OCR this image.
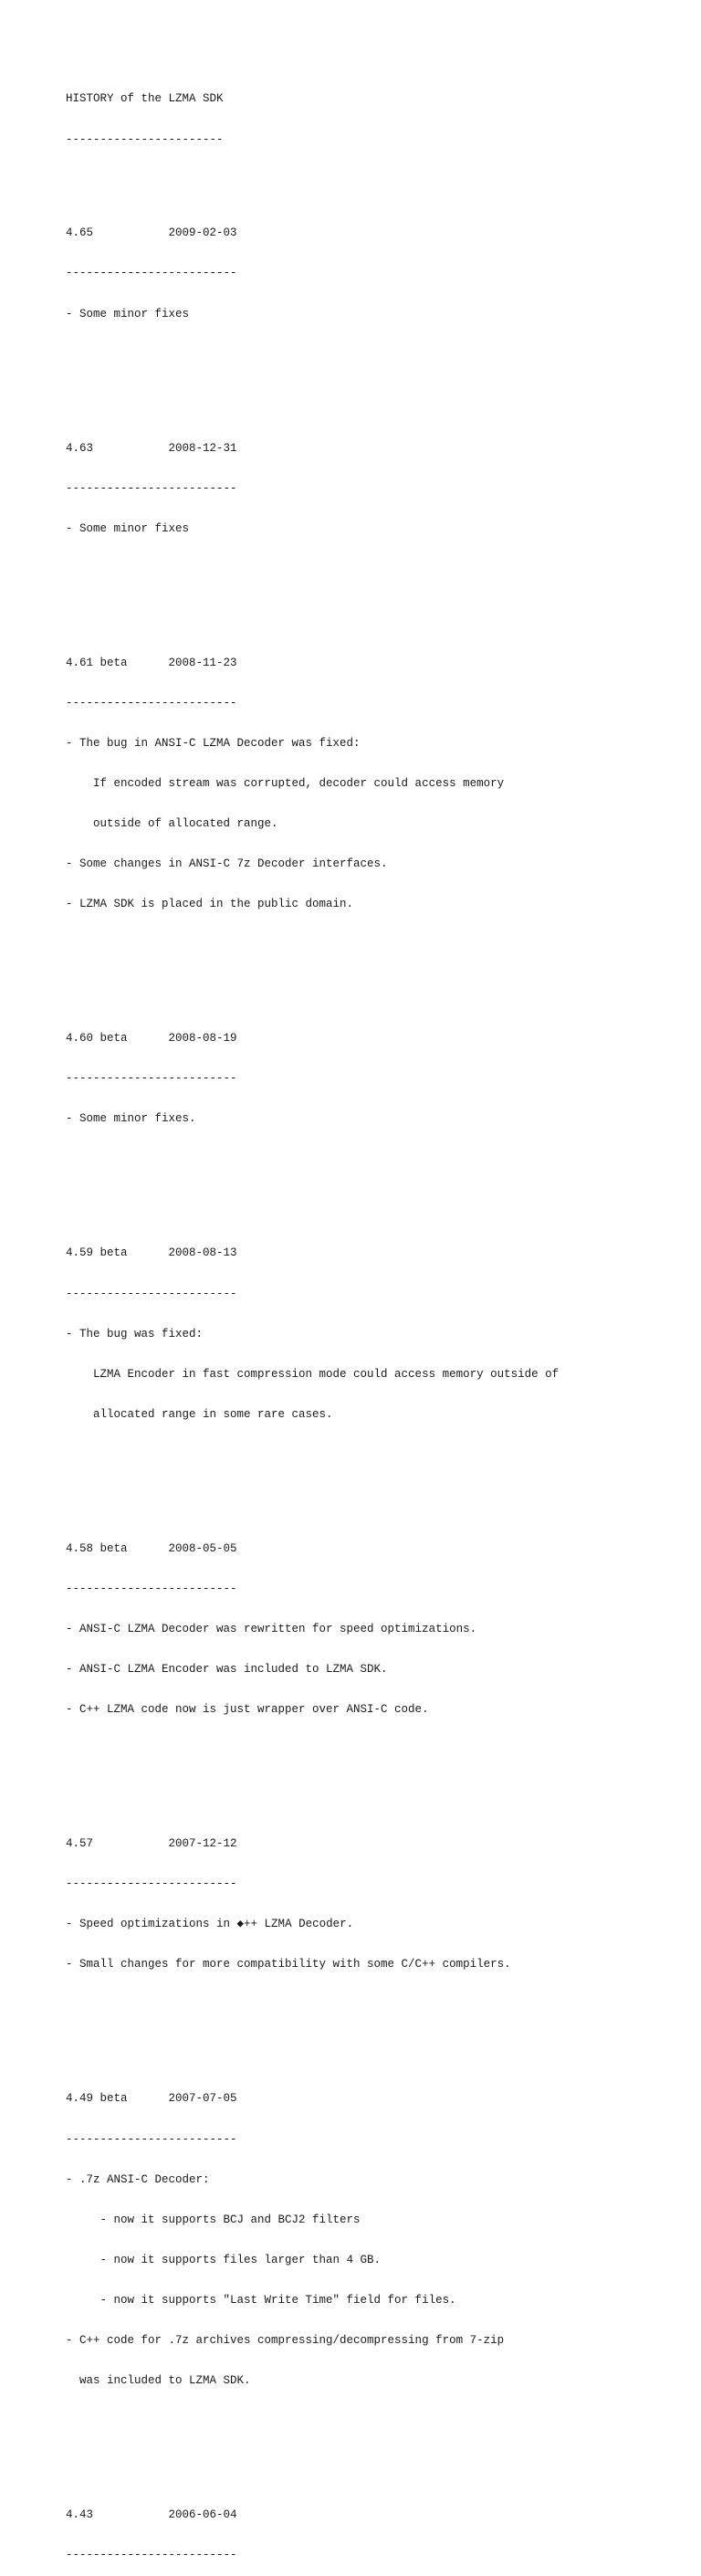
HISTORY of the LZMA SDK

-----------------------

4.65           2009-02-03

-------------------------

- Some minor fixes

4.63           2008-12-31

-------------------------

- Some minor fixes

4.61 beta      2008-11-23

-------------------------

- The bug in ANSI-C LZMA Decoder was fixed:

If encoded stream was corrupted, decoder could access memory

outside of allocated range.

- Some changes in ANSI-C 7z Decoder interfaces.

- LZMA SDK is placed in the public domain.

4.60 beta      2008-08-19

-------------------------

- Some minor fixes.

4.59 beta      2008-08-13

-------------------------

- The bug was fixed:

LZMA Encoder in fast compression mode could access memory outside of

allocated range in some rare cases.

4.58 beta      2008-05-05

-------------------------

- ANSI-C LZMA Decoder was rewritten for speed optimizations.

- ANSI-C LZMA Encoder was included to LZMA SDK.

- C++ LZMA code now is just wrapper over ANSI-C code.

4.57           2007-12-12

-------------------------

- Speed optimizations in ◆++ LZMA Decoder.

- Small changes for more compatibility with some C/C++ compilers.

4.49 beta      2007-07-05

-------------------------

- .7z ANSI-C Decoder:

- now it supports BCJ and BCJ2 filters

- now it supports files larger than 4 GB.

- now it supports "Last Write Time" field for files.

- C++ code for .7z archives compressing/decompressing from 7-zip

was included to LZMA SDK.

4.43           2006-06-04

-------------------------
